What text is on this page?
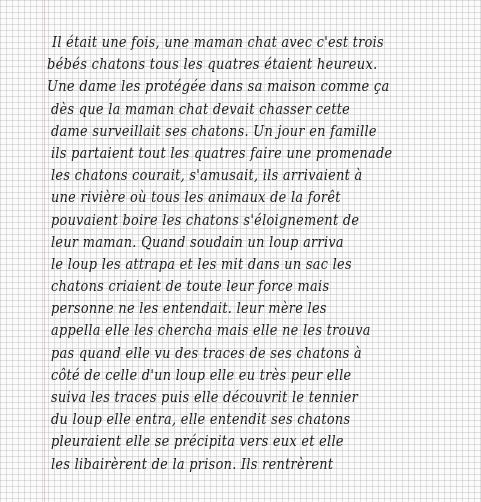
Il était une fois, une maman chat avec c'est trois
bébés chatons tous les quatres étaient heureux.
Une dame les protégée dans sa maison comme ça
dès que la maman chat devait chasser cette
dame surveillait ses chatons. Un jour en famille
ils partaient tout les quatres faire une promenade
les chatons courait, s'amusait, ils arrivaient à
une rivière où tous les animaux de la forêt
pouvaient boire les chatons s'éloignement de
leur maman. Quand soudain un loup arriva
le loup les attrapa et les mit dans un sac les
chatons criaient de toute leur force mais
personne ne les entendait. leur mère les
appella elle les chercha mais elle ne les trouva
pas quand elle vu des traces de ses chatons à
côté de celle d'un loup elle eu très peur elle
suiva les traces puis elle découvrit le tennier
du loup elle entra, elle entendit ses chatons
pleuraient elle se précipita vers eux et elle
les libairèrent de la prison. Ils rentrèrent
